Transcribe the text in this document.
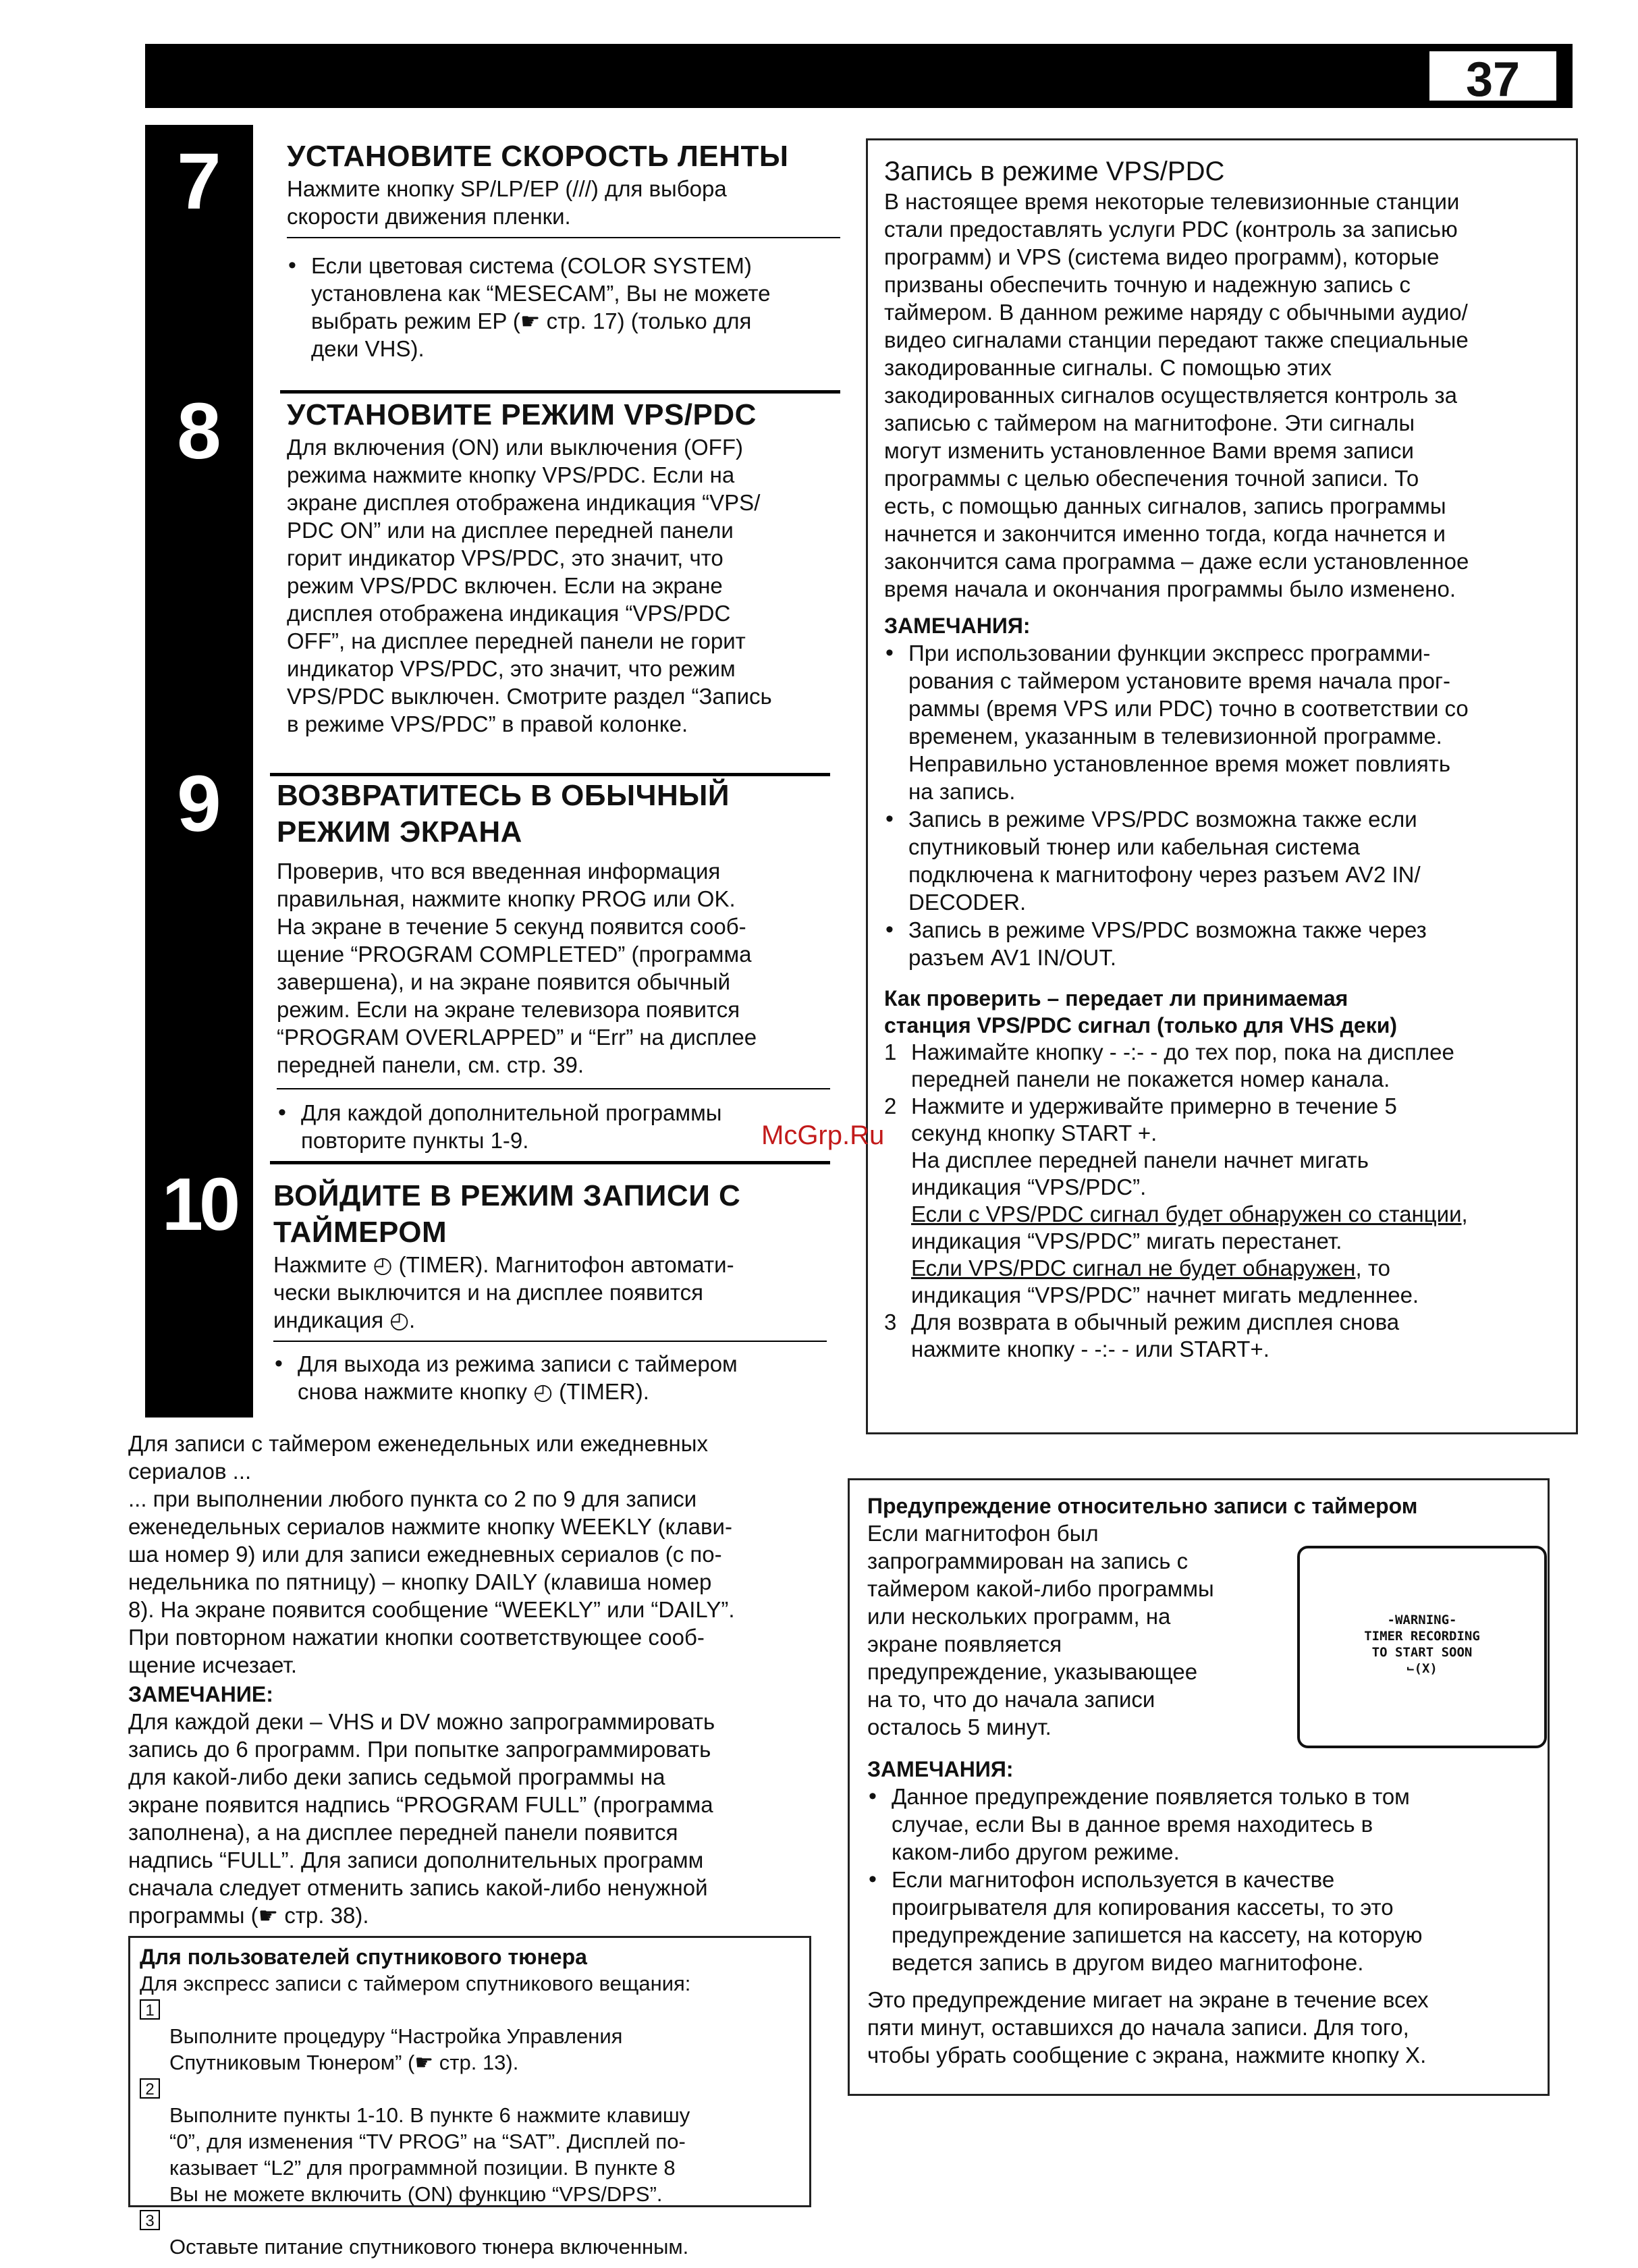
37
7
8
9
10
УСТАНОВИТЕ СКОРОСТЬ ЛЕНТЫ
Нажмите кнопку SP/LP/EP (///) для выбора
скорости движения пленки.
• Если цветовая система (COLOR SYSTEM)
установлена как “MESECAM”, Вы не можете
выбрать режим EP (☛ стр. 17) (только для
деки VHS).
УСТАНОВИТЕ РЕЖИМ VPS/PDC
Для включения (ON) или выключения (OFF)
режима нажмите кнопку VPS/PDC. Если на
экране дисплея отображена индикация “VPS/
PDC ON” или на дисплее передней панели
горит индикатор VPS/PDC, это значит, что
режим VPS/PDC включен. Если на экране
дисплея отображена индикация “VPS/PDC
OFF”, на дисплее передней панели не горит
индикатор VPS/PDC, это значит, что режим
VPS/PDC выключен. Смотрите раздел “Запись
в режиме VPS/PDC” в правой колонке.
ВОЗВРАТИТЕСЬ В ОБЫЧНЫЙ
РЕЖИМ ЭКРАНА
Проверив, что вся введенная информация
правильная, нажмите кнопку PROG или OK.
На экране в течение 5 секунд появится сооб-
щение “PROGRAM COMPLETED” (программа
завершена), и на экране появится обычный
режим. Если на экране телевизора появится
“PROGRAM OVERLAPPED” и “Err” на дисплее
передней панели, см. стр. 39.
• Для каждой дополнительной программы
повторите пункты 1-9.
ВОЙДИТЕ В РЕЖИМ ЗАПИСИ С
ТАЙМЕРОМ
Нажмите ◴ (TIMER). Магнитофон автомати-
чески выключится и на дисплее появится
индикация ◴.
• Для выхода из режима записи с таймером
снова нажмите кнопку ◴ (TIMER).
Для записи с таймером еженедельных или ежедневных
сериалов ...
... при выполнении любого пункта со 2 по 9 для записи
еженедельных сериалов нажмите кнопку WEEKLY (клави-
ша номер 9) или для записи ежедневных сериалов (с по-
недельника по пятницу) – кнопку DAILY (клавиша номер
8). На экране появится сообщение “WEEKLY” или “DAILY”.
При повторном нажатии кнопки соответствующее сооб-
щение исчезает.
ЗАМЕЧАНИЕ:
Для каждой деки – VHS и DV можно запрограммировать
запись до 6 программ. При попытке запрограммировать
для какой-либо деки запись седьмой программы на
экране появится надпись “PROGRAM FULL” (программа
заполнена), а на дисплее передней панели появится
надпись “FULL”. Для записи дополнительных программ
сначала следует отменить запись какой-либо ненужной
программы (☛ стр. 38).
Для пользователей спутникового тюнера
Для экспресс записи с таймером спутникового вещания:

1
Выполните процедуру “Настройка Управления
Спутниковым Тюнером” (☛ стр. 13).

2
Выполните пункты 1-10. В пункте 6 нажмите клавишу
“0”, для изменения “TV PROG” на “SAT”. Дисплей по-
казывает “L2” для программной позиции. В пункте 8
Вы не можете включить (ON) функцию “VPS/DPS”.

3
Оставьте питание спутникового тюнера включенным.

Запись в режиме VPS/PDC
В настоящее время некоторые телевизионные станции
стали предоставлять услуги PDC (контроль за записью
программ) и VPS (система видео программ), которые
призваны обеспечить точную и надежную запись с
таймером. В данном режиме наряду с обычными аудио/
видео сигналами станции передают также специальные
закодированные сигналы. С помощью этих
закодированных сигналов осуществляется контроль за
записью с таймером на магнитофоне. Эти сигналы
могут изменить установленное Вами время записи
программы с целью обеспечения точной записи. То
есть, с помощью данных сигналов, запись программы
начнется и закончится именно тогда, когда начнется и
закончится сама программа – даже если установленное
время начала и окончания программы было изменено.
ЗАМЕЧАНИЯ:
• При использовании функции экспресс программи-
рования с таймером установите время начала прог-
раммы (время VPS или PDC) точно в соответствии со
временем, указанным в телевизионной программе.
Неправильно установленное время может повлиять
на запись.
• Запись в режиме VPS/PDC возможна также если
спутниковый тюнер или кабельная система
подключена к магнитофону через разъем AV2 IN/
DECODER.
• Запись в режиме VPS/PDC возможна также через
разъем AV1 IN/OUT.
Как проверить – передает ли принимаемая
станция VPS/PDC сигнал (только для VHS деки)
1 Нажимайте кнопку - -:- - до тех пор, пока на дисплее
передней панели не покажется номер канала.
2 Нажмите и удерживайте примерно в течение 5
секунд кнопку START +.
На дисплее передней панели начнет мигать
индикация “VPS/PDC”.
Если с VPS/PDC сигнал будет обнаружен со станции,
индикация “VPS/PDC” мигать перестанет.
Если VPS/PDC сигнал не будет обнаружен, то
индикация “VPS/PDC” начнет мигать медленнее.
3 Для возврата в обычный режим дисплея снова
нажмите кнопку - -:- - или START+.
McGrp.Ru
Предупреждение относительно записи с таймером
Если магнитофон был
запрограммирован на запись с
таймером какой-либо программы
или нескольких программ, на
экране появляется
предупреждение, указывающее
на то, что до начала записи
осталось 5 минут.
ЗАМЕЧАНИЯ:
• Данное предупреждение появляется только в том
случае, если Вы в данное время находитесь в
каком-либо другом режиме.
• Если магнитофон используется в качестве
проигрывателя для копирования кассеты, то это
предупреждение запишется на кассету, на которую
ведется запись в другом видео магнитофоне.
Это предупреждение мигает на экране в течение всех
пяти минут, оставшихся до начала записи. Для того,
чтобы убрать сообщение с экрана, нажмите кнопку X.
-WARNING-
TIMER RECORDING
TO START SOON
⌙(X)
